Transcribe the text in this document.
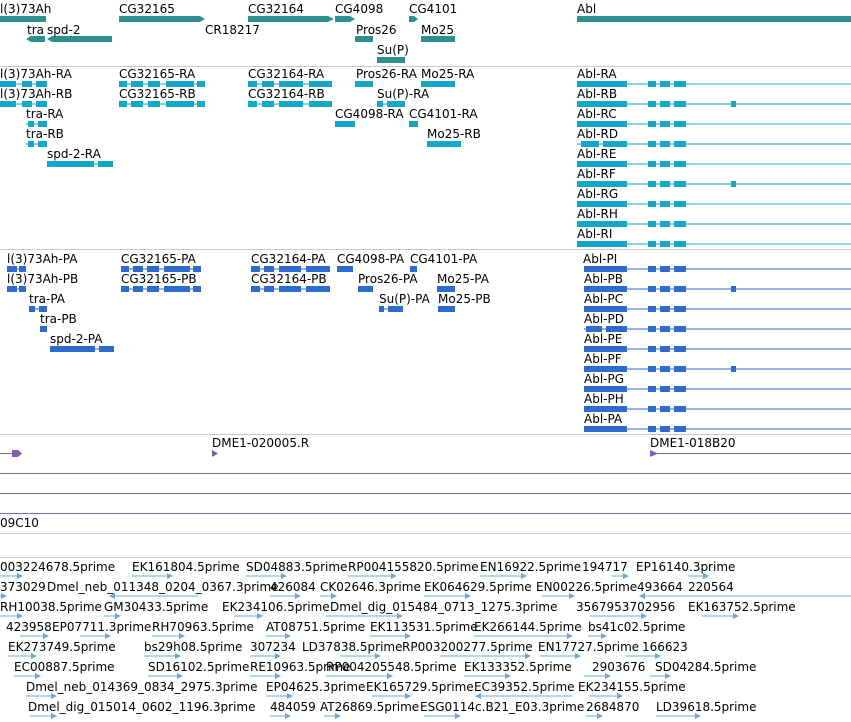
l(3)73Ah	CG32165	CG32164	CG4098 CG4101	Abl
tra spd-2	CR18217	Pros26 Mo25
Su(P)
l(3)73Ah-RA	CG32165-RA	CG32164-RA	Pros26-RA Mo25-RA	Abl-RA
l(3)73Ah-RB	CG32165-RB	CG32164-RB	Su(P)-RA	Abl-RB
tra-RA	CG4098-RA CG4101-RA	Abl-RC
tra-RB	Mo25-RB	Abl-RD
spd-2-RA	Abl-RE
Abl-RF
Abl-RG
Abl-RH
Abl-RI
l(3)73Ah-PA	CG32165-PA	CG32164-PA CG4098-PA CG4101-PA	Abl-PI
l(3)73Ah-PB	CG32165-PB	CG32164-PB	Pros26-PA Mo25-PA	Abl-PB
tra-PA	Su(P)-PA Mo25-PB	Abl-PC
tra-PB	Abl-PD
spd-2-PA	Abl-PE
Abl-PF
Abl-PG
Abl-PH
Abl-PA
DME1-020005.R	DME1-018B20
09C10
003224678.5prime EK161804.5prime SD04883.5prime RP004155820.5prime EN16922.5prime 194717 EP16140.3prime
373029 Dmel_neb_011348_0204_0367.3prime
426084 CK02646.3prime EK064629.5prime EN00226.5prime 493664 220564
RH10038.5prime GM30433.5prime EK234106.5prime Dmel_dig_015484_0713_1275.3prime 3567953702956 EK163752.5prime
423958 EP07711.3prime RH70963.5prime AT08751.5prime EK113531.5prime
EK266144.5prime bs41c02.5prime
EK273749.5prime bs29h08.5prime 307234 LD37838.5prime RP003200277.5prime EN17727.5prime 166623
EC00887.5prime	SD16102.5prime RE10963.5prime
RP004205548.5prime EK133352.5prime 2903676 SD04284.5prime
Dmel_neb_014369_0834_2975.3prime EP04625.3prime EK165729.5prime EC39352.5prime EK234155.5prime
Dmel_dig_015014_0602_1196.3prime 484059 AT26869.5prime ESG0114c.B21_E03.3prime 2684870 LD39618.5prime
